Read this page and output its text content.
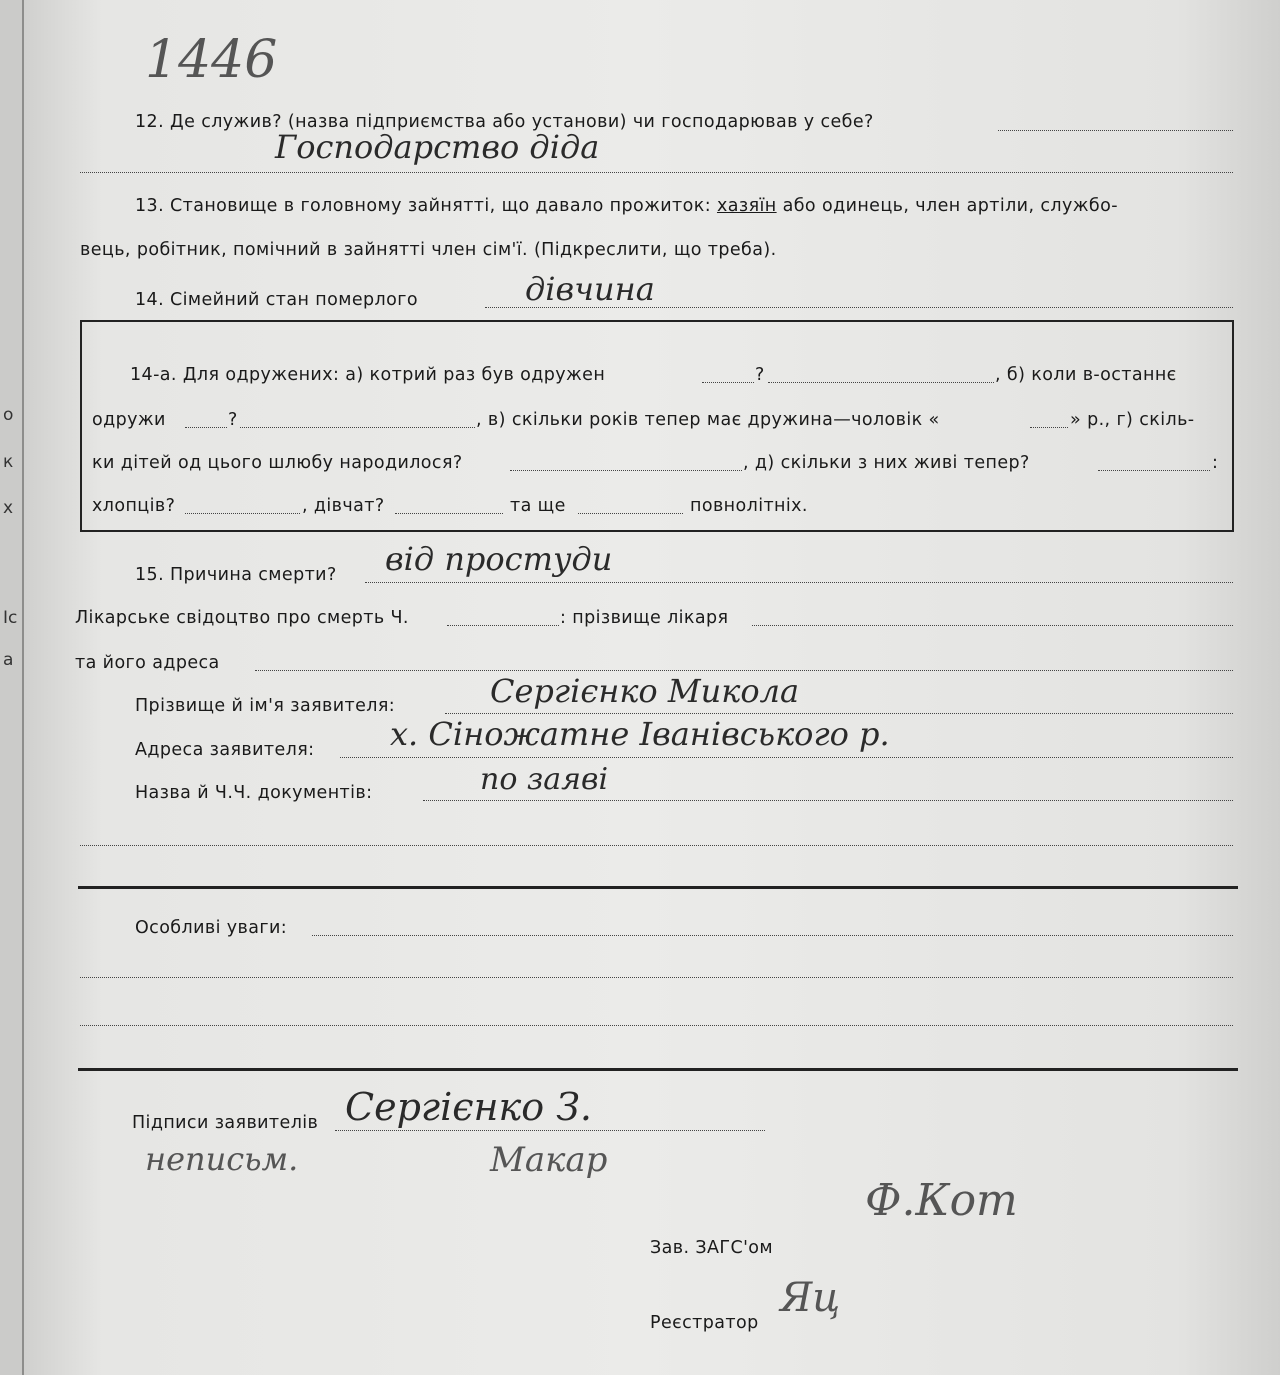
о
к
х
Іс
а
1446
12. Де служив? (назва підприємства або установи) чи господарював у себе?
Господарство діда
13. Становище в головному зайнятті, що давало прожиток: хазяїн або одинець, член артіли, службо-
вець, робітник, помічний в зайнятті член сім'ї. (Підкреслити, що треба).
14. Сімейний стан померлого	дівчина
14-а. Для одружених: а) котрий раз був одружен	?	, б) коли в-останнє
одружи	?	, в) скільки років тепер має дружина—чоловік «	» р., г) скіль-
ки дітей од цього шлюбу народилося?	, д) скільки з них живі тепер?	:
хлопців?	, дівчат?	та ще	повнолітніх.
15. Причина смерти? від простуди
Лікарське свідоцтво про смерть Ч.	: прізвище лікаря
та його адреса
Прізвище й ім'я заявителя:	Сергієнко Микола
Адреса заявителя: х. Сіножатне Іванівського р.
Назва й Ч.Ч. документів:	по заяві
Особливі уваги:
Підписи заявителів Сергієнко З.
неписьм.	Макар
Зав. ЗАГС'ом
Ф.Кот
Реєстратор
Яц
